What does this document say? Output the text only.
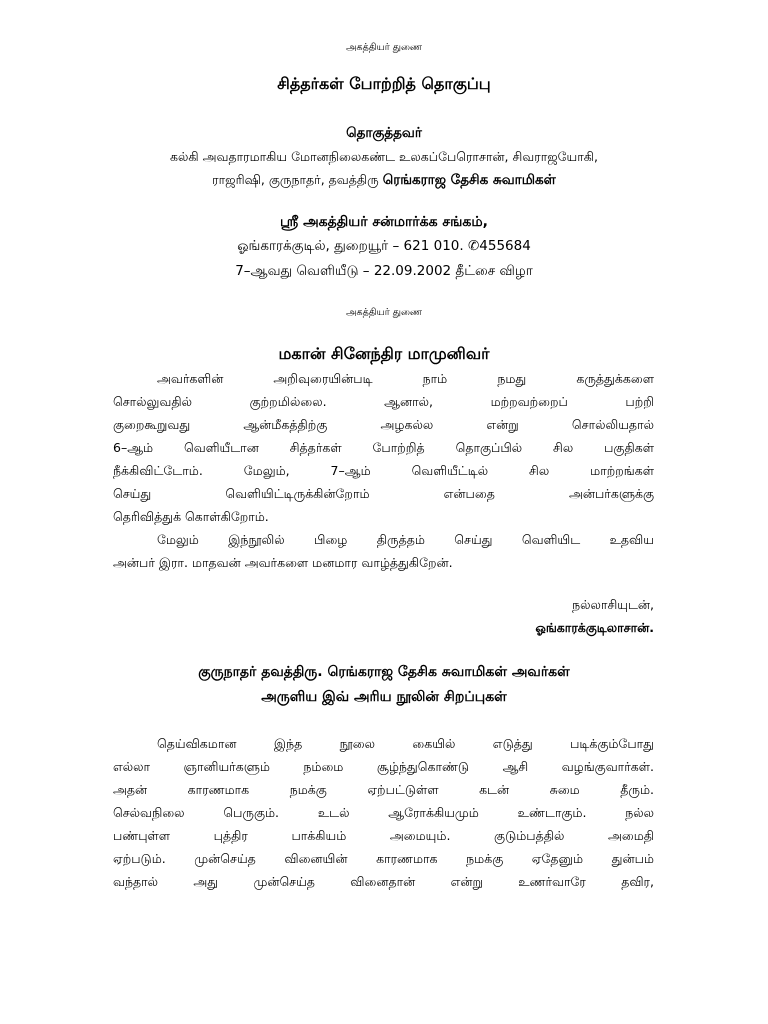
அகத்தியர் துணை
சித்தர்கள் போற்றித் தொகுப்பு
தொகுத்தவர்
கல்கி அவதாரமாகிய மோனநிலைகண்ட உலகப்பேரொசான், சிவராஜயோகி,
ராஜரிஷி, குருநாதர், தவத்திரு ரெங்கராஜ தேசிக சுவாமிகள்
ஸ்ரீ அகத்தியர் சன்மார்க்க சங்கம்,
ஓங்காரக்குடில், துறையூர் – 621 010. ✆455684
7–ஆவது வெளியீடு – 22.09.2002 தீட்சை விழா
அகத்தியர் துணை
மகான் சினேந்திர மாமுனிவர்
அவர்களின் அறிவுரையின்படி நாம் நமது கருத்துக்களை
சொல்லுவதில் குற்றமில்லை. ஆனால், மற்றவற்றைப் பற்றி
குறைகூறுவது ஆன்மீகத்திற்கு அழகல்ல என்று சொல்லியதால்
6–ஆம் வெளியீடான சித்தர்கள் போற்றித் தொகுப்பில் சில பகுதிகள்
நீக்கிவிட்டோம். மேலும், 7–ஆம் வெளியீட்டில் சில மாற்றங்கள்
செய்து வெளியிட்டிருக்கின்றோம் என்பதை அன்பர்களுக்கு
தெரிவித்துக் கொள்கிறோம்.
மேலும் இந்நூலில் பிழை திருத்தம் செய்து வெளியிட உதவிய
அன்பர் இரா. மாதவன் அவர்களை மனமார வாழ்த்துகிறேன்.
நல்லாசியுடன்,
ஓங்காரக்குடிலாசான்.
குருநாதர் தவத்திரு. ரெங்கராஜ தேசிக சுவாமிகள் அவர்கள்
அருளிய இவ் அரிய நூலின் சிறப்புகள்
தெய்விகமான இந்த நூலை கையில் எடுத்து படிக்கும்போது
எல்லா ஞானியர்களும் நம்மை சூழ்ந்துகொண்டு ஆசி வழங்குவார்கள்.
அதன் காரணமாக நமக்கு ஏற்பட்டுள்ள கடன் சுமை தீரும்.
செல்வநிலை பெருகும். உடல் ஆரோக்கியமும் உண்டாகும். நல்ல
பண்புள்ள புத்திர பாக்கியம் அமையும். குடும்பத்தில் அமைதி
ஏற்படும். முன்செய்த வினையின் காரணமாக நமக்கு ஏதேனும் துன்பம்
வந்தால் அது முன்செய்த வினைதான் என்று உணர்வாரே தவிர,
